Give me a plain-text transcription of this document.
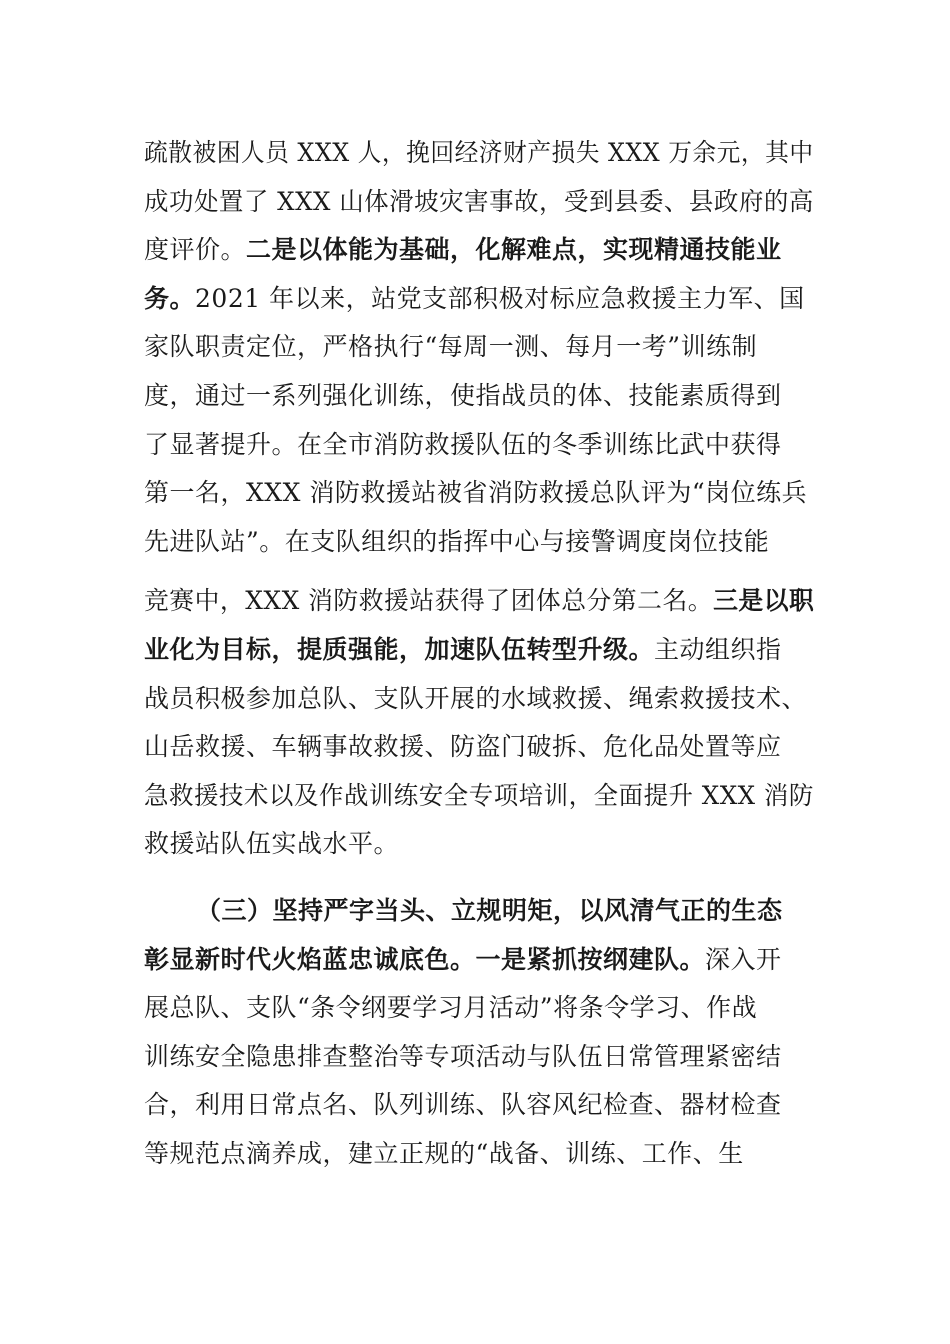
疏散被困人员 XXX 人，挽回经济财产损失 XXX 万余元，其中
成功处置了 XXX 山体滑坡灾害事故，受到县委、县政府的高
度评价。二是以体能为基础，化解难点，实现精通技能业
务。2021 年以来，站党支部积极对标应急救援主力军、国
家队职责定位，严格执行“每周一测、每月一考”训练制
度，通过一系列强化训练，使指战员的体、技能素质得到
了显著提升。在全市消防救援队伍的冬季训练比武中获得
第一名，XXX 消防救援站被省消防救援总队评为“岗位练兵
先进队站”。在支队组织的指挥中心与接警调度岗位技能
竞赛中，XXX 消防救援站获得了团体总分第二名。三是以职
业化为目标，提质强能，加速队伍转型升级。主动组织指
战员积极参加总队、支队开展的水域救援、绳索救援技术、
山岳救援、车辆事故救援、防盗门破拆、危化品处置等应
急救援技术以及作战训练安全专项培训，全面提升 XXX 消防
救援站队伍实战水平。
（三）坚持严字当头、立规明矩，以风清气正的生态
彰显新时代火焰蓝忠诚底色。一是紧抓按纲建队。深入开
展总队、支队“条令纲要学习月活动”将条令学习、作战
训练安全隐患排查整治等专项活动与队伍日常管理紧密结
合，利用日常点名、队列训练、队容风纪检查、器材检查
等规范点滴养成，建立正规的“战备、训练、工作、生
